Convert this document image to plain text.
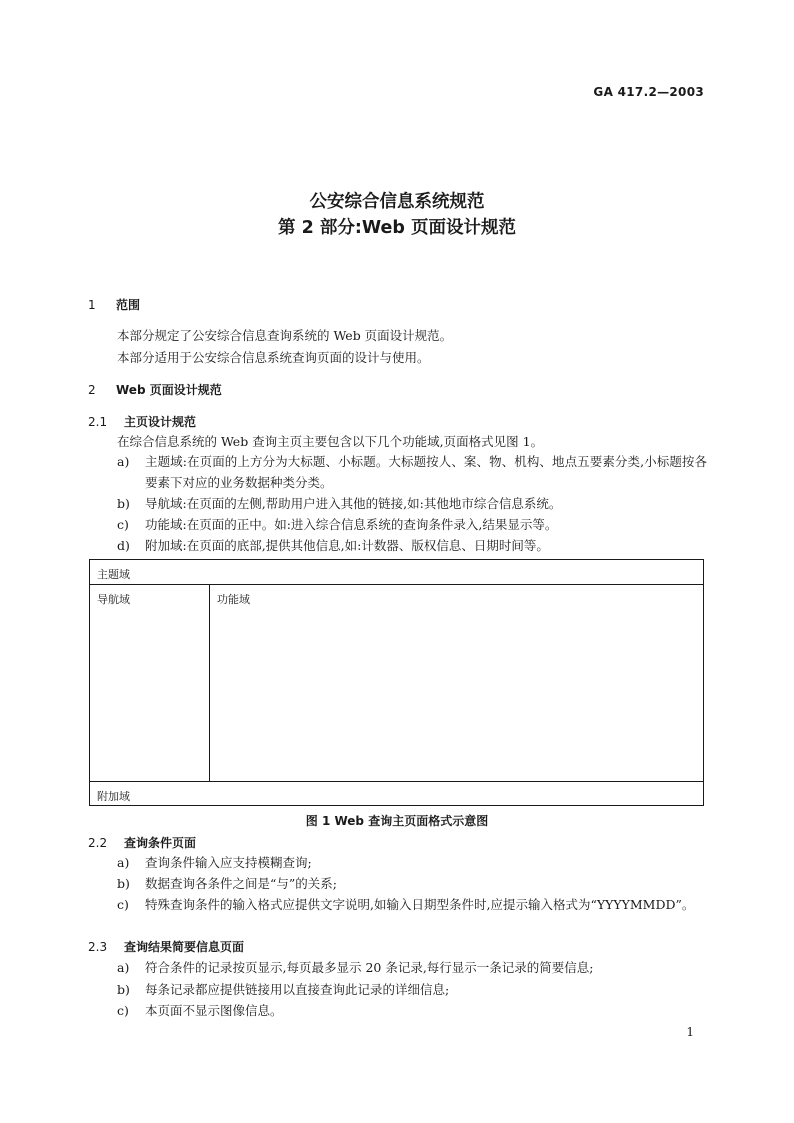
GA 417.2—2003
公安综合信息系统规范
第 2 部分:Web 页面设计规范
1 范围
本部分规定了公安综合信息查询系统的 Web 页面设计规范。
本部分适用于公安综合信息系统查询页面的设计与使用。
2 Web 页面设计规范
2.1 主页设计规范
在综合信息系统的 Web 查询主页主要包含以下几个功能域,页面格式见图 1。
a)	主题域:在页面的上方分为大标题、小标题。大标题按人、案、物、机构、地点五要素分类,小标题按各要素下对应的业务数据种类分类。
b)	导航域:在页面的左侧,帮助用户进入其他的链接,如:其他地市综合信息系统。
c)	功能域:在页面的正中。如:进入综合信息系统的查询条件录入,结果显示等。
d)	附加域:在页面的底部,提供其他信息,如:计数器、版权信息、日期时间等。
主题域
导航域	功能域
附加域
图 1 Web 查询主页面格式示意图
2.2 查询条件页面
a)	查询条件输入应支持模糊查询;
b)	数据查询各条件之间是“与”的关系;
c)	特殊查询条件的输入格式应提供文字说明,如输入日期型条件时,应提示输入格式为“YYYYMMDD”。
2.3 查询结果简要信息页面
a)	符合条件的记录按页显示,每页最多显示 20 条记录,每行显示一条记录的简要信息;
b)	每条记录都应提供链接用以直接查询此记录的详细信息;
c)	本页面不显示图像信息。
1
